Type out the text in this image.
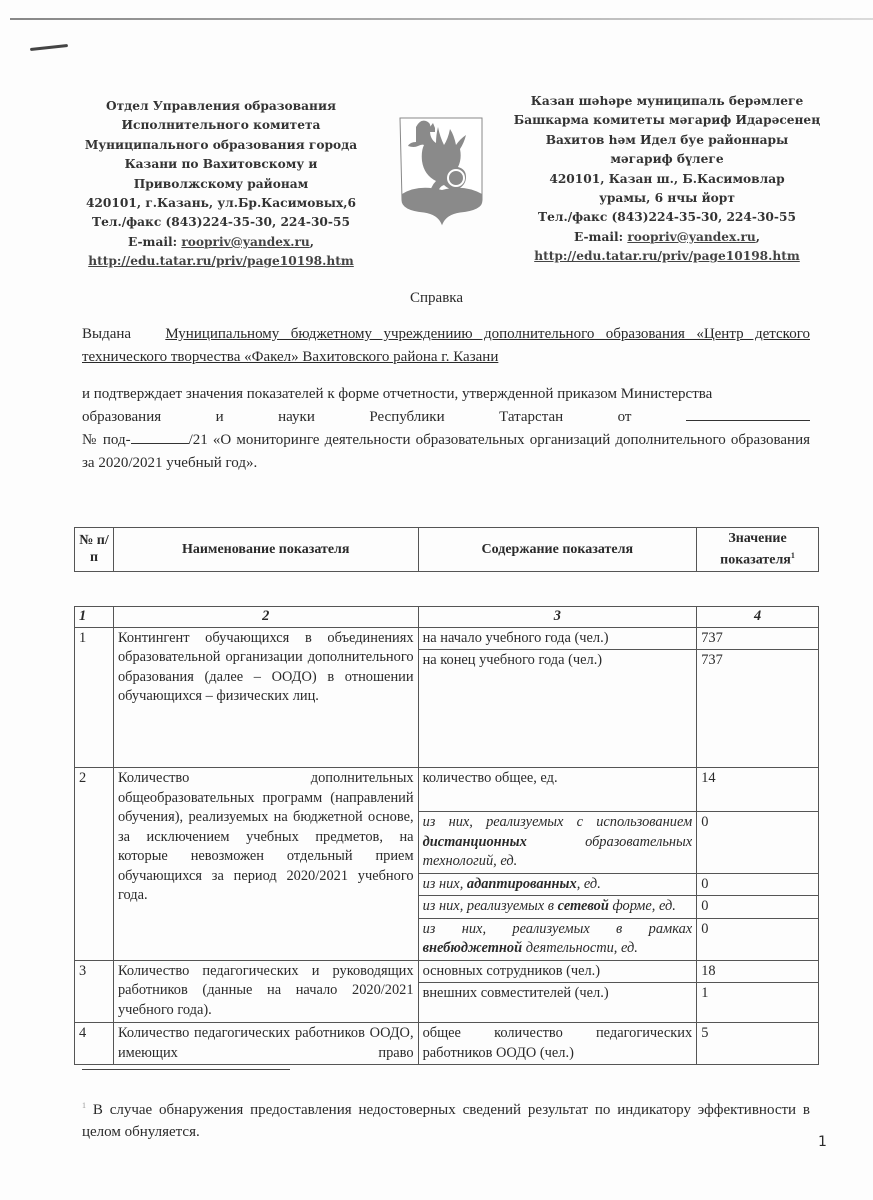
Отдел Управления образования
Исполнительного комитета
Муниципального образования города
Казани по Вахитовскому и
Приволжскому районам
420101, г.Казань, ул.Бр.Касимовых,6
Тел./факс (843)224-35-30, 224-30-55
E-mail: roopriv@yandex.ru,
http://edu.tatar.ru/priv/page10198.htm
Казан шәһәре муниципаль берәмлеге
Башкарма комитеты мәгариф Идарәсенең
Вахитов һәм Идел буе районнары
мәгариф бүлеге
420101, Казан ш., Б.Касимовлар
урамы, 6 нчы йорт
Тел./факс (843)224-35-30, 224-30-55
E-mail: roopriv@yandex.ru,
http://edu.tatar.ru/priv/page10198.htm
Справка
Выдана Муниципальному бюджетному учреждениию дополнительного образования «Центр детского технического творчества «Факел» Вахитовского района г. Казани
и подтверждает значения показателей к форме отчетности, утвержденной приказом Министерства
образования	и	науки	Республики	Татарстан	от
№ под-	/21 «О мониторинге деятельности образовательных организаций дополнительного образования за 2020/2021 учебный год».
№ п/п	Наименование показателя	Содержание показателя	Значение показателя$^1$
1	2	3	4
1	Контингент обучающихся в объединениях образовательной организации дополнительного образования (далее – ООДО) в отношении обучающихся – физических лиц.	на начало учебного года (чел.)	737
		на конец учебного года (чел.)	737
2	Количество дополнительных общеобразовательных программ (направлений обучения), реализуемых на бюджетной основе, за исключением учебных предметов, на которые невозможен отдельный прием обучающихся за период 2020/2021 учебного года.	количество общее, ед.	14
		из них, реализуемых с использованием дистанционных образовательных технологий, ед.	0
		из них, адаптированных, ед.	0
		из них, реализуемых в сетевой форме, ед.	0
		из них, реализуемых в рамках внебюджетной деятельности, ед.	0
3	Количество педагогических и руководящих работников (данные на начало 2020/2021 учебного года).	основных сотрудников (чел.)	18
		внешних совместителей (чел.)	1
4	Количество педагогических работников ООДО, имеющих право	общее количество педагогических работников ООДО (чел.)	5
$^1$ В случае обнаружения предоставления недостоверных сведений результат по индикатору эффективности в целом обнуляется.
1
